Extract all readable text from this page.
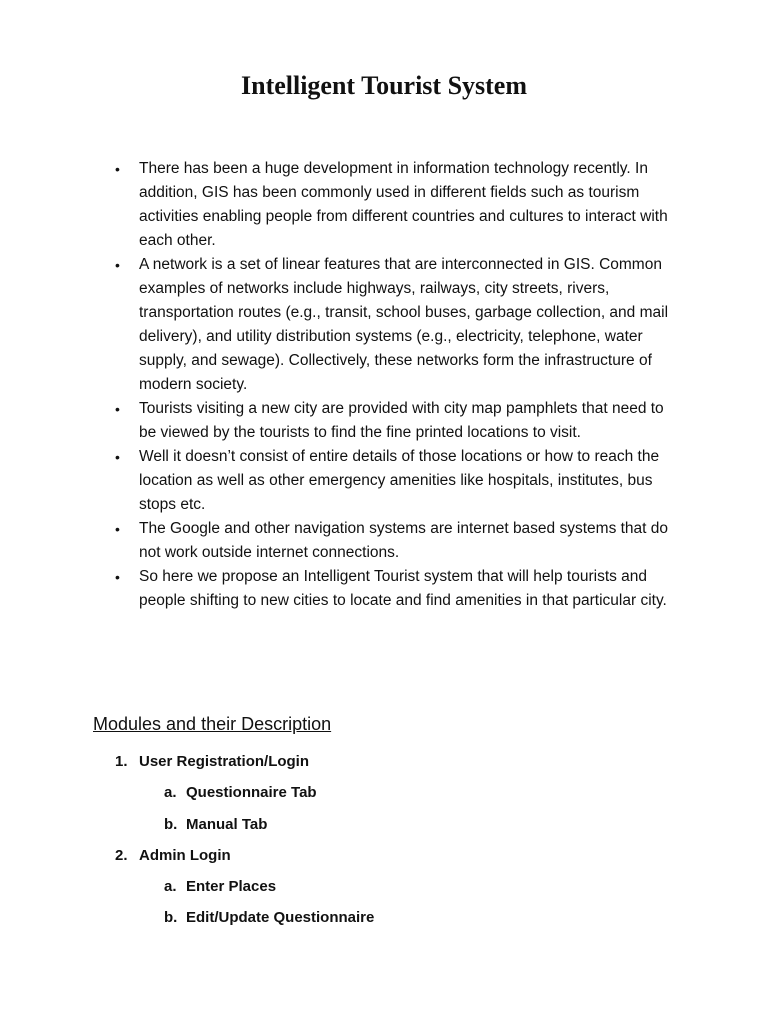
Intelligent Tourist System
• There has been a huge development in information technology recently. In addition, GIS has been commonly used in different fields such as tourism activities enabling people from different countries and cultures to interact with each other.
• A network is a set of linear features that are interconnected in GIS. Common examples of networks include highways, railways, city streets, rivers, transportation routes (e.g., transit, school buses, garbage collection, and mail delivery), and utility distribution systems (e.g., electricity, telephone, water supply, and sewage). Collectively, these networks form the infrastructure of modern society.
• Tourists visiting a new city are provided with city map pamphlets that need to be viewed by the tourists to find the fine printed locations to visit.
• Well it doesn’t consist of entire details of those locations or how to reach the location as well as other emergency amenities like hospitals, institutes, bus stops etc.
• The Google and other navigation systems are internet based systems that do not work outside internet connections.
• So here we propose an Intelligent Tourist system that will help tourists and people shifting to new cities to locate and find amenities in that particular city.
Modules and their Description
1. User Registration/Login
a. Questionnaire Tab
b. Manual Tab
2. Admin Login
a. Enter Places
b. Edit/Update Questionnaire
